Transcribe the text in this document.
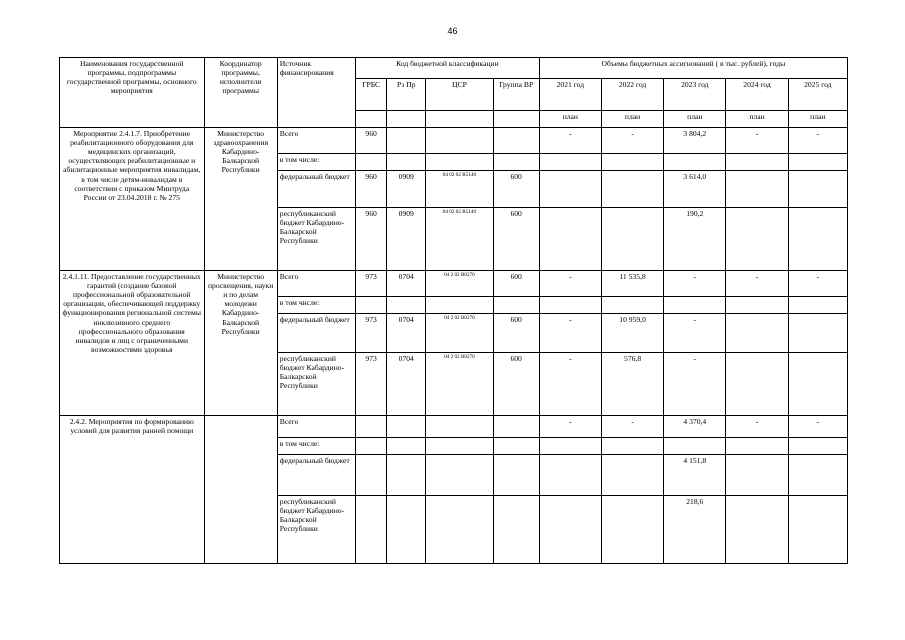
46
Наименования государственной программы, подпрограммы государственной программы, основного мероприятия	Координатор программы, исполнители программы	Источник финансирования	Код бюджетной классификации				Объемы бюджетных ассигнований ( в тыс. рублей), годы				
			ГРБС	Рз Пр	ЦСР	Группа ВР	2021 год	2022 год	2023 год	2024 год	2025 год
							план	план	план	план	план
Мероприятие 2.4.1.7. Приобретение реабилитационного оборудования для медицинских организаций, осуществляющих реабилитационные и абилитационные мероприятия инвалидам, в том числе детям-инвалидам в соответствии с приказом Минтруда России от 23.04.2018 г. № 275	Министерство здравоохранения Кабардино-Балкарской Республики	Всего	960				-	-	3 804,2	-	-
		в том числе:									
		федеральный бюджет	960	0909	04 02 02 R5140	600			3 614,0		
		республиканский бюджет Кабардино-Балкарской Республики	960	0909	04 02 02 R5140	600			190,2		
2.4.1.11. Предоставление государственных гарантий (создание базовой профессиональной образовательной организации, обеспечивающей поддержку функционирования региональной системы инклюзивного среднего профессионального образования инвалидов и лиц с ограниченными возможностями здоровья	Министерство просвещения, науки и по делам молодежи Кабардино-Балкарской Республики	Всего	973	0704	04 2 02 R0270	600	-	11 535,8	-	-	-
		в том числе:									
		федеральный бюджет	973	0704	04 2 02 R0270	600	-	10 959,0	-		
		республиканский бюджет Кабардино-Балкарской Республики	973	0704	04 2 02 R0270	600	-	576,8	-		
2.4.2. Мероприятия по формированию условий для развития ранней помощи		Всего					-	-	4 370,4	-	-
		в том числе:									
		федеральный бюджет							4 151,8		
		республиканский бюджет Кабардино-Балкарской Республики							218,6		
